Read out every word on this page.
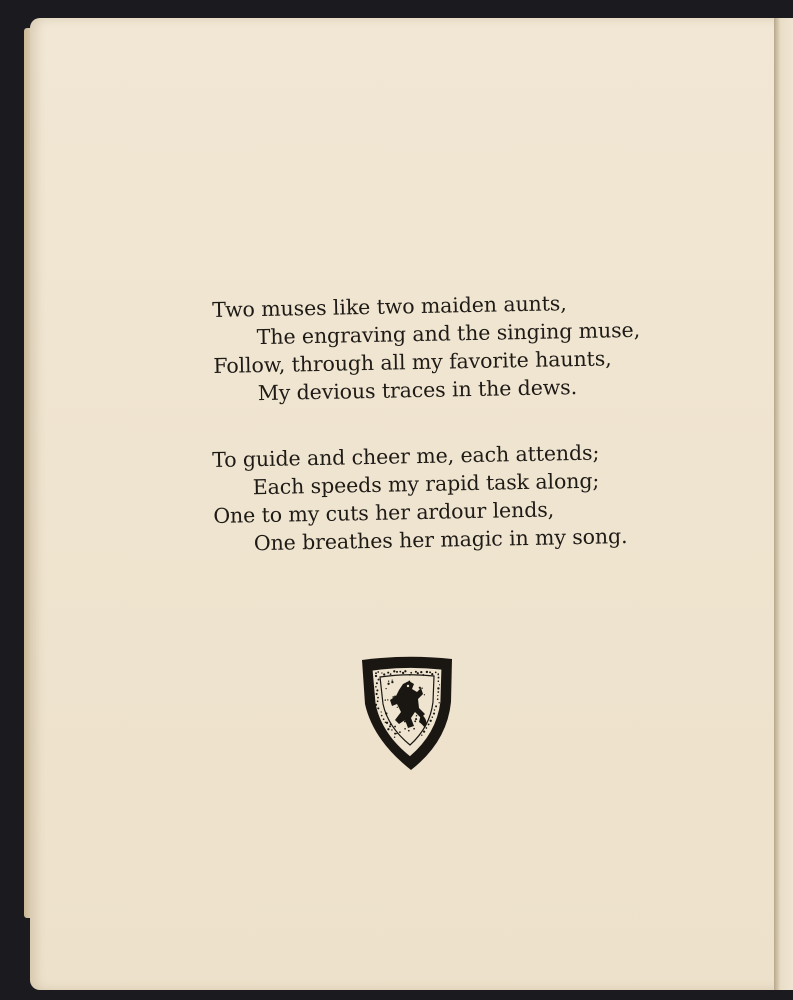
Two muses like two maiden aunts,
The engraving and the singing muse,
Follow, through all my favorite haunts,
My devious traces in the dews.
To guide and cheer me, each attends;
Each speeds my rapid task along;
One to my cuts her ardour lends,
One breathes her magic in my song.
